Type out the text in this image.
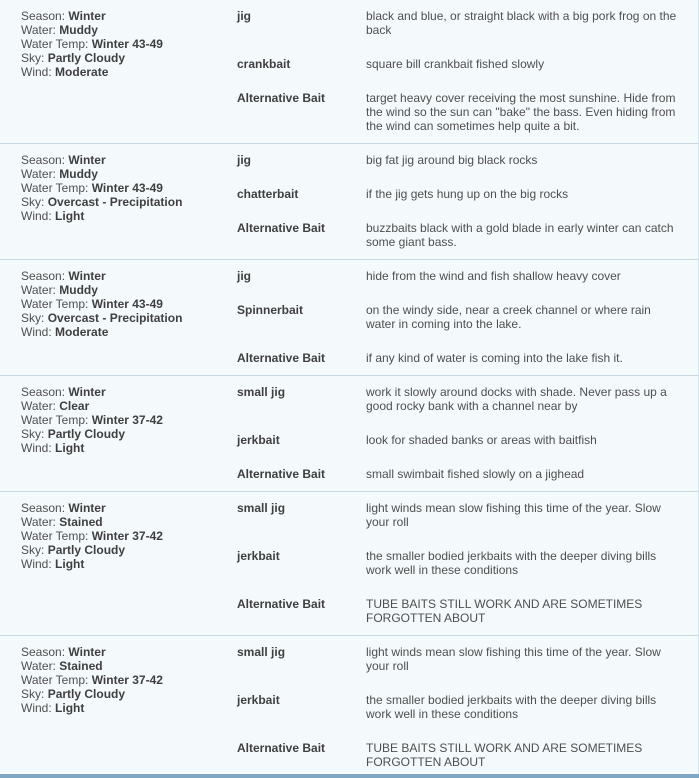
Season: Winter
Water: Muddy
Water Temp: Winter 43-49
Sky: Partly Cloudy
Wind: Moderate
jig	black and blue, or straight black with a big pork frog on the back
crankbait	square bill crankbait fished slowly
Alternative Bait	target heavy cover receiving the most sunshine. Hide from the wind so the sun can "bake" the bass. Even hiding from the wind can sometimes help quite a bit.
Season: Winter
Water: Muddy
Water Temp: Winter 43-49
Sky: Overcast - Precipitation
Wind: Light
jig	big fat jig around big black rocks
chatterbait	if the jig gets hung up on the big rocks
Alternative Bait	buzzbaits black with a gold blade in early winter can catch some giant bass.
Season: Winter
Water: Muddy
Water Temp: Winter 43-49
Sky: Overcast - Precipitation
Wind: Moderate
jig	hide from the wind and fish shallow heavy cover
Spinnerbait	on the windy side, near a creek channel or where rain water in coming into the lake.
Alternative Bait	if any kind of water is coming into the lake fish it.
Season: Winter
Water: Clear
Water Temp: Winter 37-42
Sky: Partly Cloudy
Wind: Light
small jig	work it slowly around docks with shade. Never pass up a good rocky bank with a channel near by
jerkbait	look for shaded banks or areas with baitfish
Alternative Bait	small swimbait fished slowly on a jighead
Season: Winter
Water: Stained
Water Temp: Winter 37-42
Sky: Partly Cloudy
Wind: Light
small jig	light winds mean slow fishing this time of the year. Slow your roll
jerkbait	the smaller bodied jerkbaits with the deeper diving bills work well in these conditions
Alternative Bait	TUBE BAITS STILL WORK AND ARE SOMETIMES FORGOTTEN ABOUT
Season: Winter
Water: Stained
Water Temp: Winter 37-42
Sky: Partly Cloudy
Wind: Light
small jig	light winds mean slow fishing this time of the year. Slow your roll
jerkbait	the smaller bodied jerkbaits with the deeper diving bills work well in these conditions
Alternative Bait	TUBE BAITS STILL WORK AND ARE SOMETIMES FORGOTTEN ABOUT
